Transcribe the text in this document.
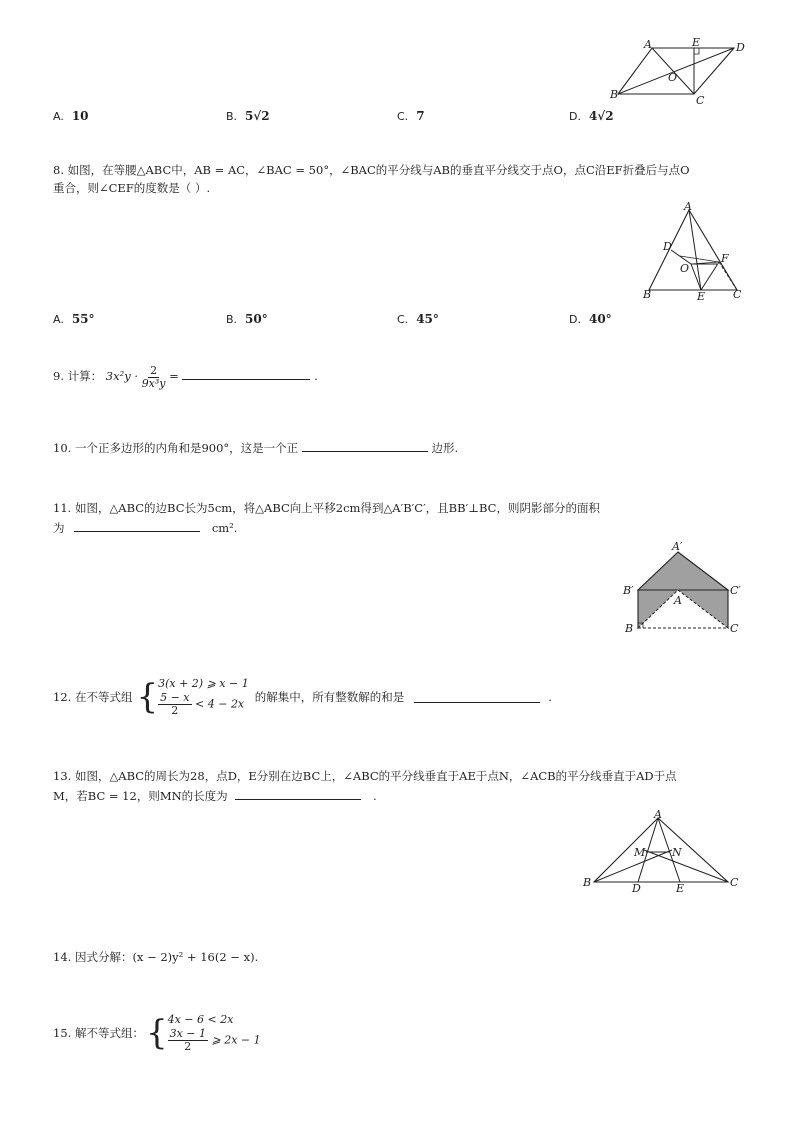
A	E	D
O
B	C
A. 10	B. 5√2	C. 7	D. 4√2
8. 如图，在等腰△ABC中，AB = AC，∠BAC = 50°，∠BAC的平分线与AB的垂直平分线交于点O，点C沿EF折叠后与点O
重合，则∠CEF的度数是（ ）.
A
D
O
F
B	E	C
A. 55°	B. 50°	C. 45°	D. 40°
9. 计算： $3x^2y \cdot \frac{2}{\text{9x³y}}$ =	.
10. 一个正多边形的内角和是900°，这是一个正	边形.
11. 如图，△ABC的边BC长为5cm，将△ABC向上平移2cm得到△A′B′C′，且BB′⊥BC，则阴影部分的面积
为	cm².
A′
B′	C′
A
B	C
12. 在不等式组 { 3(x + 2) ⩾ x − 1
$\frac{5 - x}{2} < 4 - 2x$
的解集中，所有整数解的和是	.
13. 如图，△ABC的周长为28，点D，E分别在边BC上，∠ABC的平分线垂直于AE于点N，∠ACB的平分线垂直于AD于点
M，若BC = 12，则MN的长度为	.
A
M N
B	D	E	C
14. 因式分解：(x − 2)y² + 16(2 − x).
15. 解不等式组： { 4x − 6 < 2x
$\frac{3x - 1}{2}$ ⩾ 2x − 1
